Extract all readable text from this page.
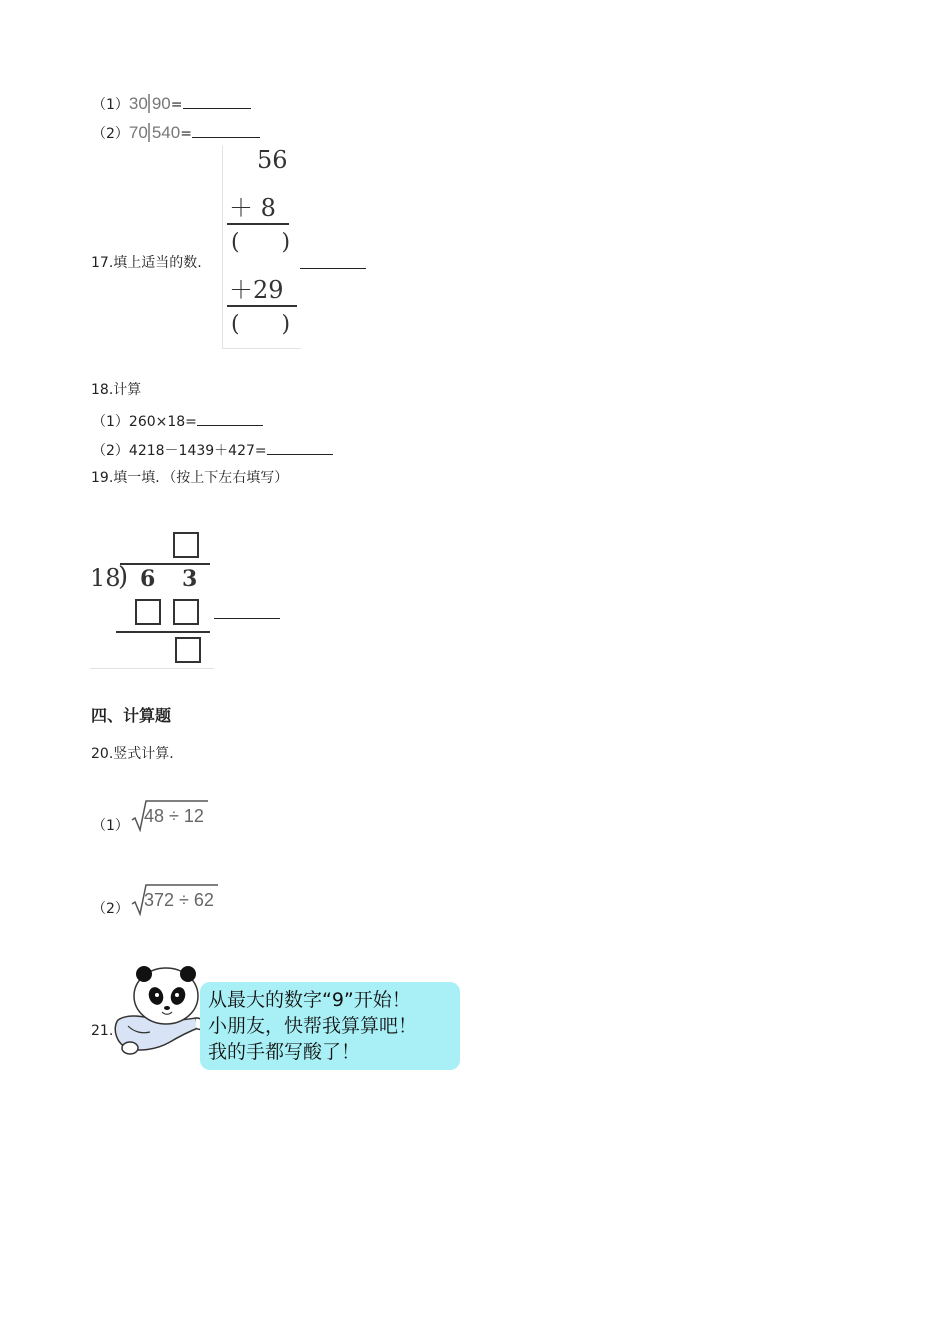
（1）30 90=
（2）70 540=
17.填上适当的数.
56
＋ 8
(      )
＋29
(      )
18.计算
（1）260×18=
（2）4218－1439＋427=
19.填一填．（按上下左右填写）
18
) 6 3
四、计算题
20.竖式计算.
（1） 48 ÷ 12
（2） 372 ÷ 62
21.
从最大的数字“9”开始！
小朋友，快帮我算算吧！
我的手都写酸了！
